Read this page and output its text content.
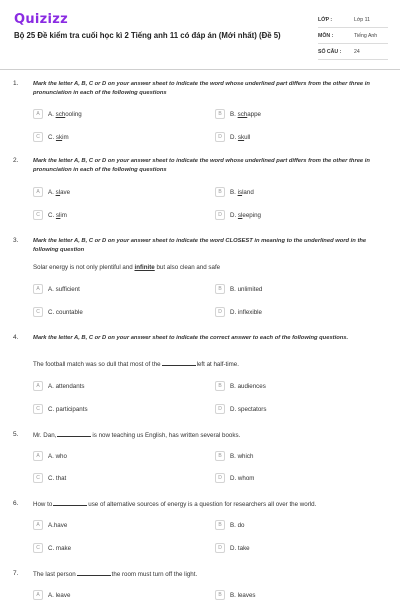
Quizizz
Bộ 25 Đề kiểm tra cuối học kì 2 Tiếng anh 11 có đáp án (Mới nhất) (Đề 5)
LỚP :	Lớp 11
MÔN :	Tiếng Anh
SỐ CÂU :	24
1.	Mark the letter A, B, C or D on your answer sheet to indicate the word whose underlined part differs from the other three in pronunciation in each of the following questions
A	A. schooling	B	B. schappe
C	C. skim	D	D. skull
2.	Mark the letter A, B, C or D on your answer sheet to indicate the word whose underlined part differs from the other three in pronunciation in each of the following questions
A	A. slave	B	B. island
C	C. slim	D	D. sleeping
3.	Mark the letter A, B, C or D on your answer sheet to indicate the word CLOSEST in meaning to the underlined word in the following question
Solar energy is not only plentiful and infinite but also clean and safe
A	A. sufficient	B	B. unlimited
C	C. countable	D	D. inflexible
4.	Mark the letter A, B, C or D on your answer sheet to indicate the correct answer to each of the following questions.
The football match was so dull that most of the	left at half-time.
A	A. attendants	B	B. audiences
C	C. participants	D	D. spectators
5. Mr. Dan,	is now teaching us English, has written several books.
A	A. who	B	B. which
C	C. that	D	D. whom
6. How to	use of alternative sources of energy is a question for researchers all over the world.
A	A.have	B	B. do
C	C. make	D	D. take
7. The last person	the room must turn off the light.
A	A. leave	B	B. leaves
